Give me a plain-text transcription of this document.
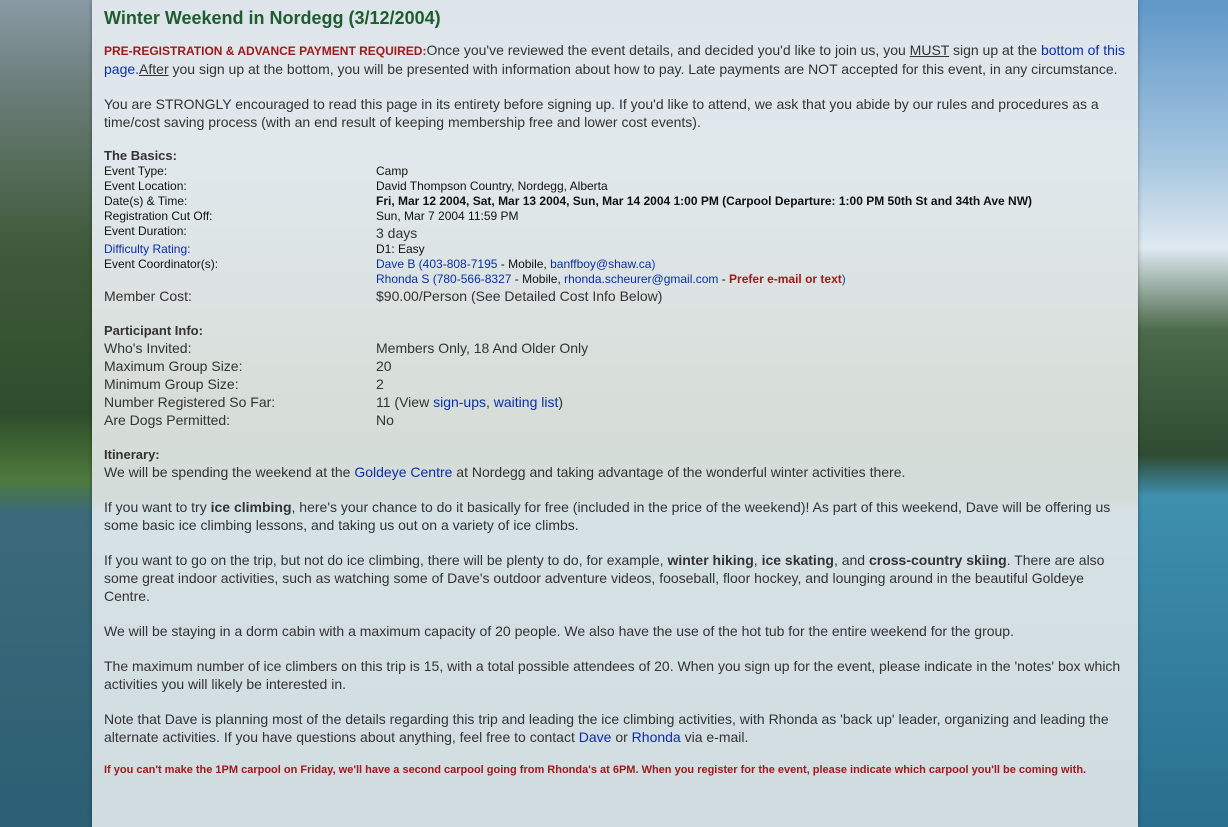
Winter Weekend in Nordegg (3/12/2004)

PRE-REGISTRATION & ADVANCE PAYMENT REQUIRED:Once you've reviewed the event details, and decided you'd like to join us, you MUST sign up at the bottom of this page.After you sign up at the bottom, you will be presented with information about how to pay. Late payments are NOT accepted for this event, in any circumstance.

You are STRONGLY encouraged to read this page in its entirety before signing up. If you'd like to attend, we ask that you abide by our rules and procedures as a time/cost saving process (with an end result of keeping membership free and lower cost events).

The Basics:
Event Type:	Camp
Event Location:	David Thompson Country, Nordegg, Alberta
Date(s) & Time:	Fri, Mar 12 2004, Sat, Mar 13 2004, Sun, Mar 14 2004 1:00 PM (Carpool Departure: 1:00 PM 50th St and 34th Ave NW)
Registration Cut Off:	Sun, Mar 7 2004 11:59 PM
Event Duration:	3 days
Difficulty Rating:	D1: Easy
Event Coordinator(s):	Dave B (403-808-7195 - Mobile, banffboy@shaw.ca)
Rhonda S (780-566-8327 - Mobile, rhonda.scheurer@gmail.com - Prefer e-mail or text)

Member Cost:	$90.00/Person (See Detailed Cost Info Below)
Participant Info:
Who's Invited:	Members Only, 18 And Older Only
Maximum Group Size:	20
Minimum Group Size:	2
Number Registered So Far:	11 (View sign-ups, waiting list)
Are Dogs Permitted:	No
Itinerary:

We will be spending the weekend at the Goldeye Centre at Nordegg and taking advantage of the wonderful winter activities there.

If you want to try ice climbing, here's your chance to do it basically for free (included in the price of the weekend)! As part of this weekend, Dave will be offering us some basic ice climbing lessons, and taking us out on a variety of ice climbs.

If you want to go on the trip, but not do ice climbing, there will be plenty to do, for example, winter hiking, ice skating, and cross-country skiing. There are also some great indoor activities, such as watching some of Dave's outdoor adventure videos, fooseball, floor hockey, and lounging around in the beautiful Goldeye Centre.

We will be staying in a dorm cabin with a maximum capacity of 20 people. We also have the use of the hot tub for the entire weekend for the group.

The maximum number of ice climbers on this trip is 15, with a total possible attendees of 20. When you sign up for the event, please indicate in the 'notes' box which activities you will likely be interested in.

Note that Dave is planning most of the details regarding this trip and leading the ice climbing activities, with Rhonda as 'back up' leader, organizing and leading the alternate activities. If you have questions about anything, feel free to contact Dave or Rhonda via e-mail.

If you can't make the 1PM carpool on Friday, we'll have a second carpool going from Rhonda's at 6PM. When you register for the event, please indicate which carpool you'll be coming with.
